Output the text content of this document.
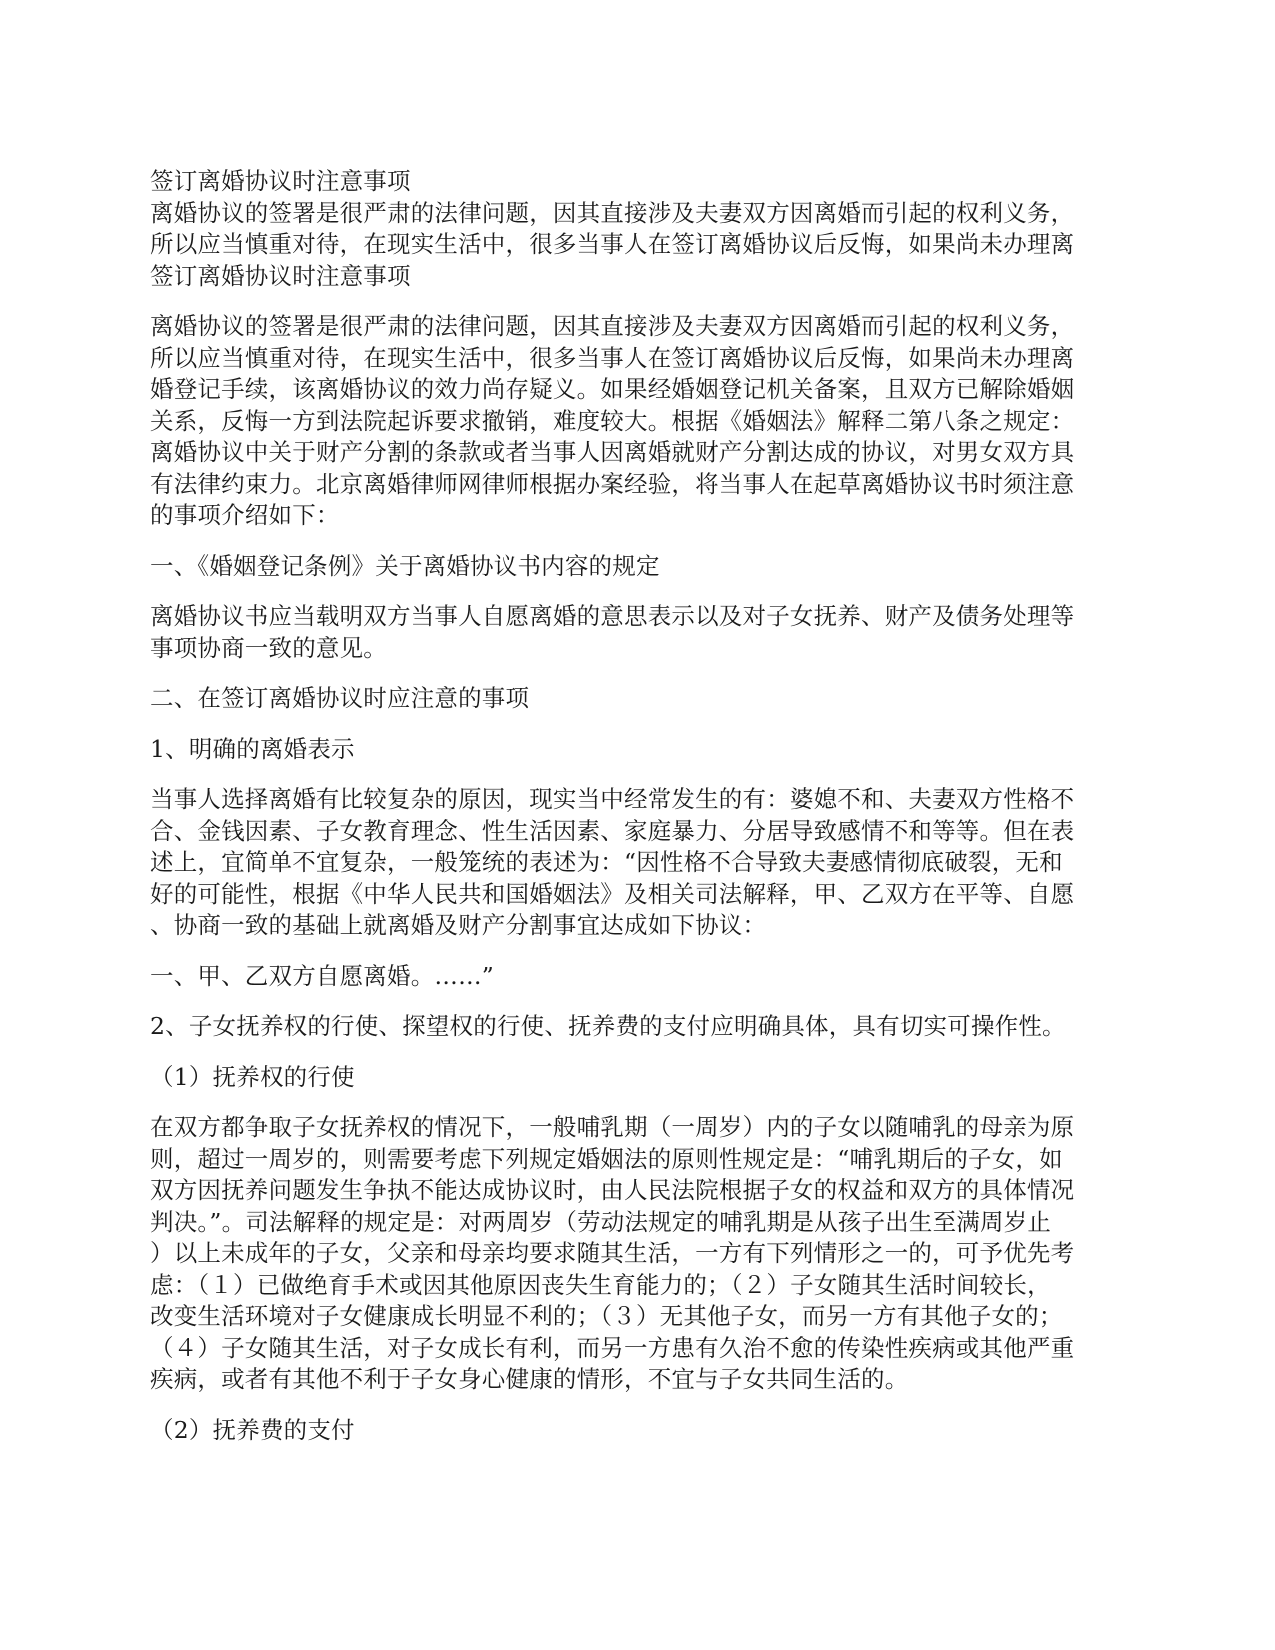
签订离婚协议时注意事项

离婚协议的签署是很严肃的法律问题，因其直接涉及夫妻双方因离婚而引起的权利义务，

所以应当慎重对待，在现实生活中，很多当事人在签订离婚协议后反悔，如果尚未办理离

签订离婚协议时注意事项

离婚协议的签署是很严肃的法律问题，因其直接涉及夫妻双方因离婚而引起的权利义务，
所以应当慎重对待，在现实生活中，很多当事人在签订离婚协议后反悔，如果尚未办理离
婚登记手续，该离婚协议的效力尚存疑义。如果经婚姻登记机关备案，且双方已解除婚姻
关系，反悔一方到法院起诉要求撤销，难度较大。根据《婚姻法》解释二第八条之规定：
离婚协议中关于财产分割的条款或者当事人因离婚就财产分割达成的协议，对男女双方具
有法律约束力。北京离婚律师网律师根据办案经验，将当事人在起草离婚协议书时须注意
的事项介绍如下：

一、《婚姻登记条例》关于离婚协议书内容的规定

离婚协议书应当载明双方当事人自愿离婚的意思表示以及对子女抚养、财产及债务处理等
事项协商一致的意见。

二、在签订离婚协议时应注意的事项

1、明确的离婚表示

当事人选择离婚有比较复杂的原因，现实当中经常发生的有：婆媳不和、夫妻双方性格不
合、金钱因素、子女教育理念、性生活因素、家庭暴力、分居导致感情不和等等。但在表
述上，宜简单不宜复杂，一般笼统的表述为：“因性格不合导致夫妻感情彻底破裂，无和
好的可能性，根据《中华人民共和国婚姻法》及相关司法解释，甲、乙双方在平等、自愿
、协商一致的基础上就离婚及财产分割事宜达成如下协议：

一、甲、乙双方自愿离婚。……”

2、子女抚养权的行使、探望权的行使、抚养费的支付应明确具体，具有切实可操作性。

（1）抚养权的行使

在双方都争取子女抚养权的情况下，一般哺乳期（一周岁）内的子女以随哺乳的母亲为原
则，超过一周岁的，则需要考虑下列规定婚姻法的原则性规定是：“哺乳期后的子女，如
双方因抚养问题发生争执不能达成协议时，由人民法院根据子女的权益和双方的具体情况
判决。”。司法解释的规定是：对两周岁（劳动法规定的哺乳期是从孩子出生至满周岁止
）以上未成年的子女，父亲和母亲均要求随其生活，一方有下列情形之一的，可予优先考
虑：（１）已做绝育手术或因其他原因丧失生育能力的；（２）子女随其生活时间较长，
改变生活环境对子女健康成长明显不利的；（３）无其他子女，而另一方有其他子女的；
（４）子女随其生活，对子女成长有利，而另一方患有久治不愈的传染性疾病或其他严重
疾病，或者有其他不利于子女身心健康的情形，不宜与子女共同生活的。

（2）抚养费的支付
